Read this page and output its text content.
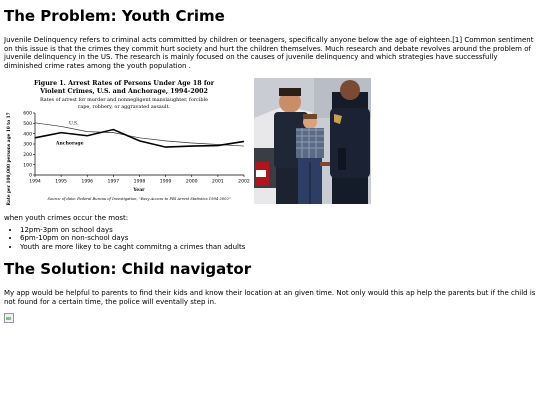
The Problem: Youth Crime

Juvenile Delinquency refers to criminal acts committed by children or teenagers, specifically anyone below the age of eighteen.[1] Common sentiment on this issue is that the crimes they commit hurt society and hurt the children themselves. Much research and debate revolves around the problem of juvenile delinquency in the US. The research is mainly focused on the causes of juvenile delinquency and which strategies have successfully diminished crime rates among the youth population .

Figure 1. Arrest Rates of Persons Under Age 18 for
Violent Crimes, U.S. and Anchorage, 1994-2002
Rates of arrest for murder and nonnegligent manslaughter, forcible
rape, robbery, or aggravated assault.
0
100
200
300
400
500
600
1994	1995	1996	1997	1998	1999	2000	2001	2002
U.S.
Anchorage
Rate per 100,000 persons age 10 to 17	Year
Source of data: Federal Bureau of Investigation, "Easy Access to FBI Arrest Statistics 1994-2002"

when youth crimes occur the most:

• 12pm-3pm on school days
• 6pm-10pm on non-school days
• Youth are more likey to be caght commitng a crimes than adults
The Solution: Child navigator

My app would be helpful to parents to find their kids and know their location at an given time. Not only would this ap help the parents but if the child is not found for a certain time, the police will eventally step in.
